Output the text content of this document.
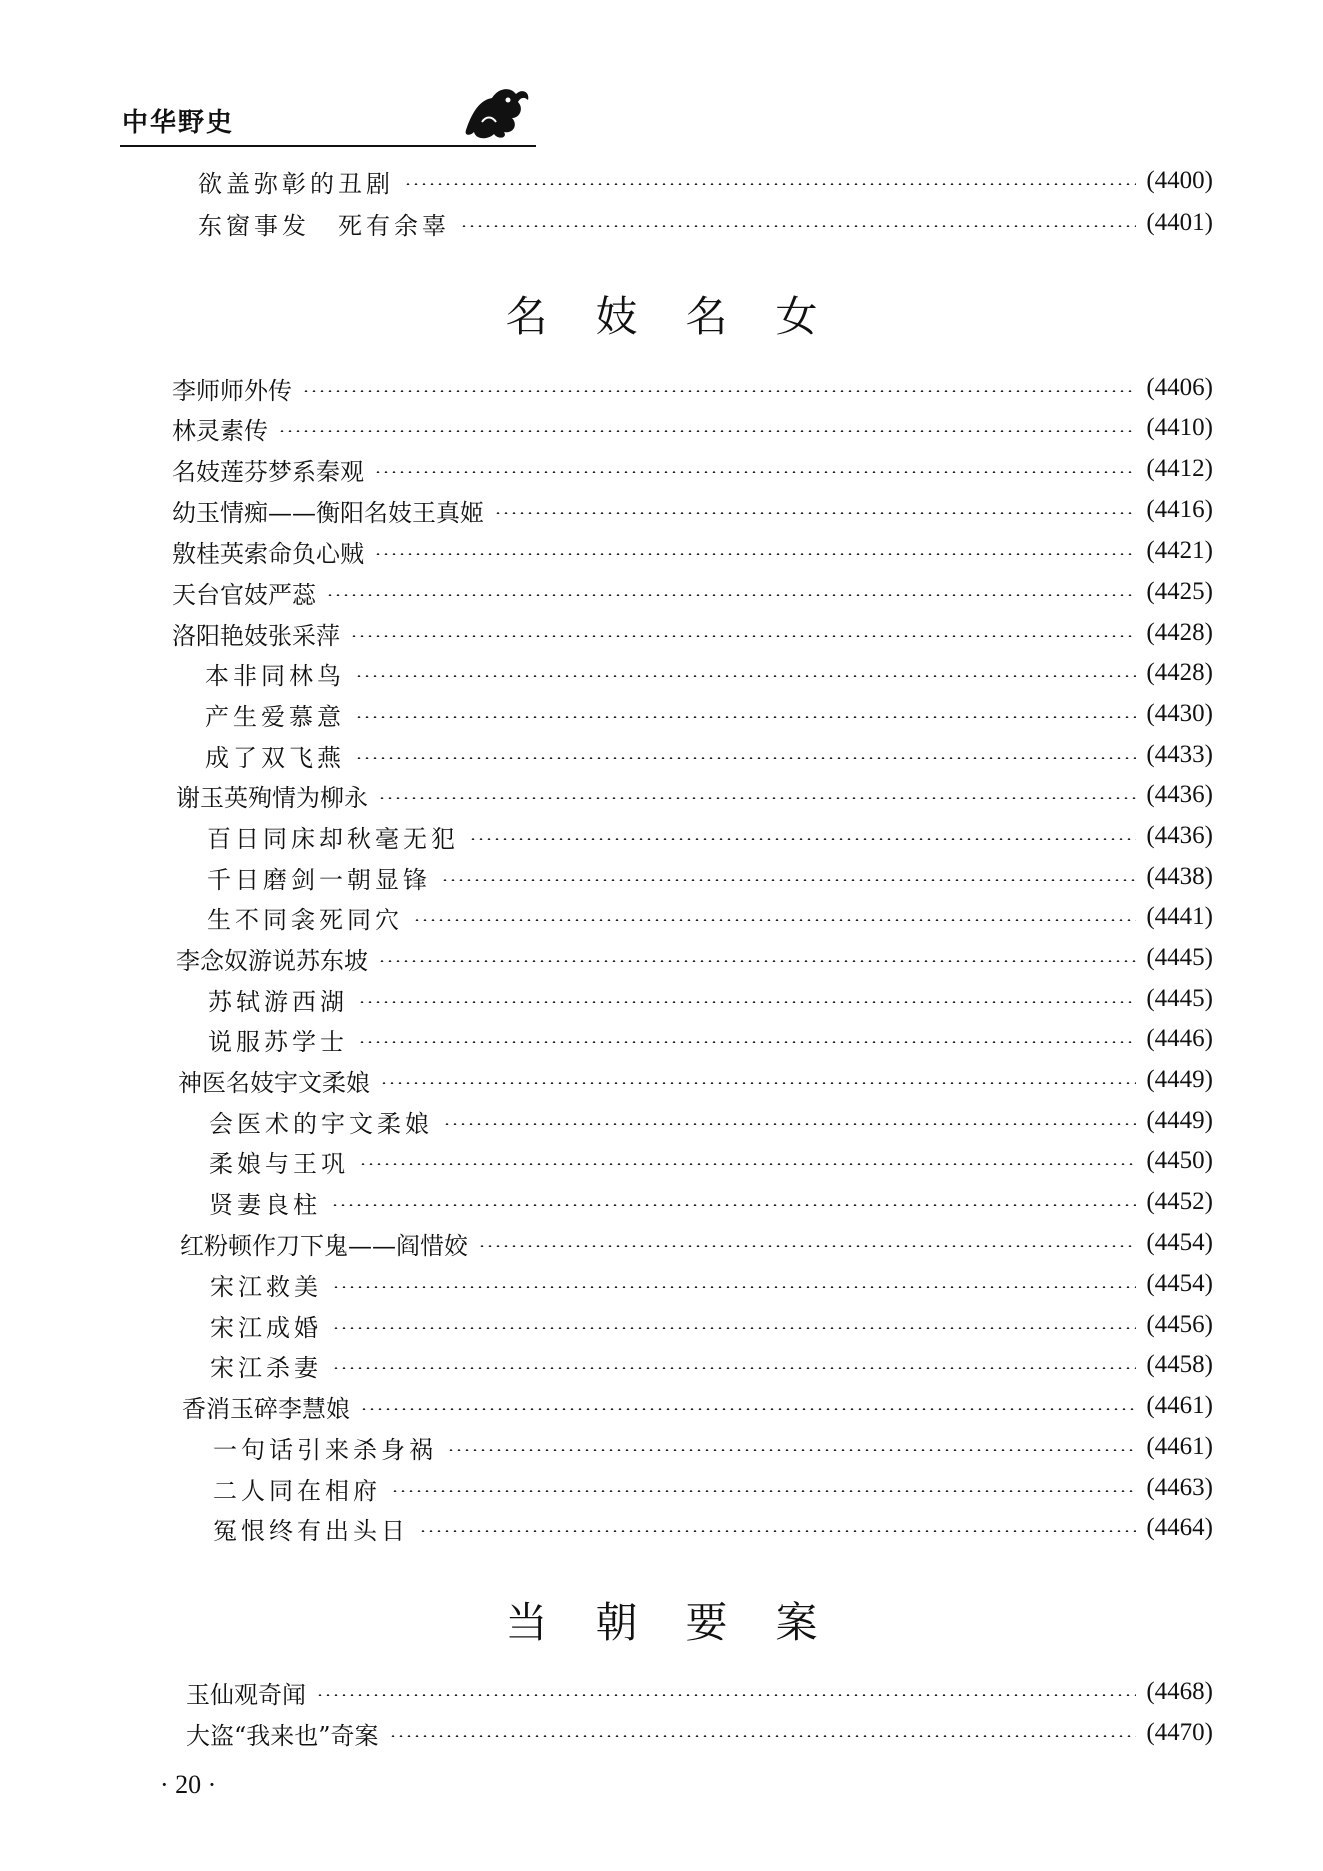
中华野史
欲盖弥彰的丑剧	(4400)
东窗事发　死有余辜	(4401)
名妓名女
李师师外传	(4406)
林灵素传	(4410)
名妓莲芬梦系秦观	(4412)
幼玉情痴——衡阳名妓王真姬	(4416)
敫桂英索命负心贼	(4421)
天台官妓严蕊	(4425)
洛阳艳妓张采萍	(4428)
本非同林鸟	(4428)
产生爱慕意	(4430)
成了双飞燕	(4433)
谢玉英殉情为柳永	(4436)
百日同床却秋毫无犯	(4436)
千日磨剑一朝显锋	(4438)
生不同衾死同穴	(4441)
李念奴游说苏东坡	(4445)
苏轼游西湖	(4445)
说服苏学士	(4446)
神医名妓宇文柔娘	(4449)
会医术的宇文柔娘	(4449)
柔娘与王巩	(4450)
贤妻良柱	(4452)
红粉顿作刀下鬼——阎惜姣	(4454)
宋江救美	(4454)
宋江成婚	(4456)
宋江杀妻	(4458)
香消玉碎李慧娘	(4461)
一句话引来杀身祸	(4461)
二人同在相府	(4463)
冤恨终有出头日	(4464)
当朝要案
玉仙观奇闻	(4468)
大盗“我来也”奇案	(4470)
· 20 ·
